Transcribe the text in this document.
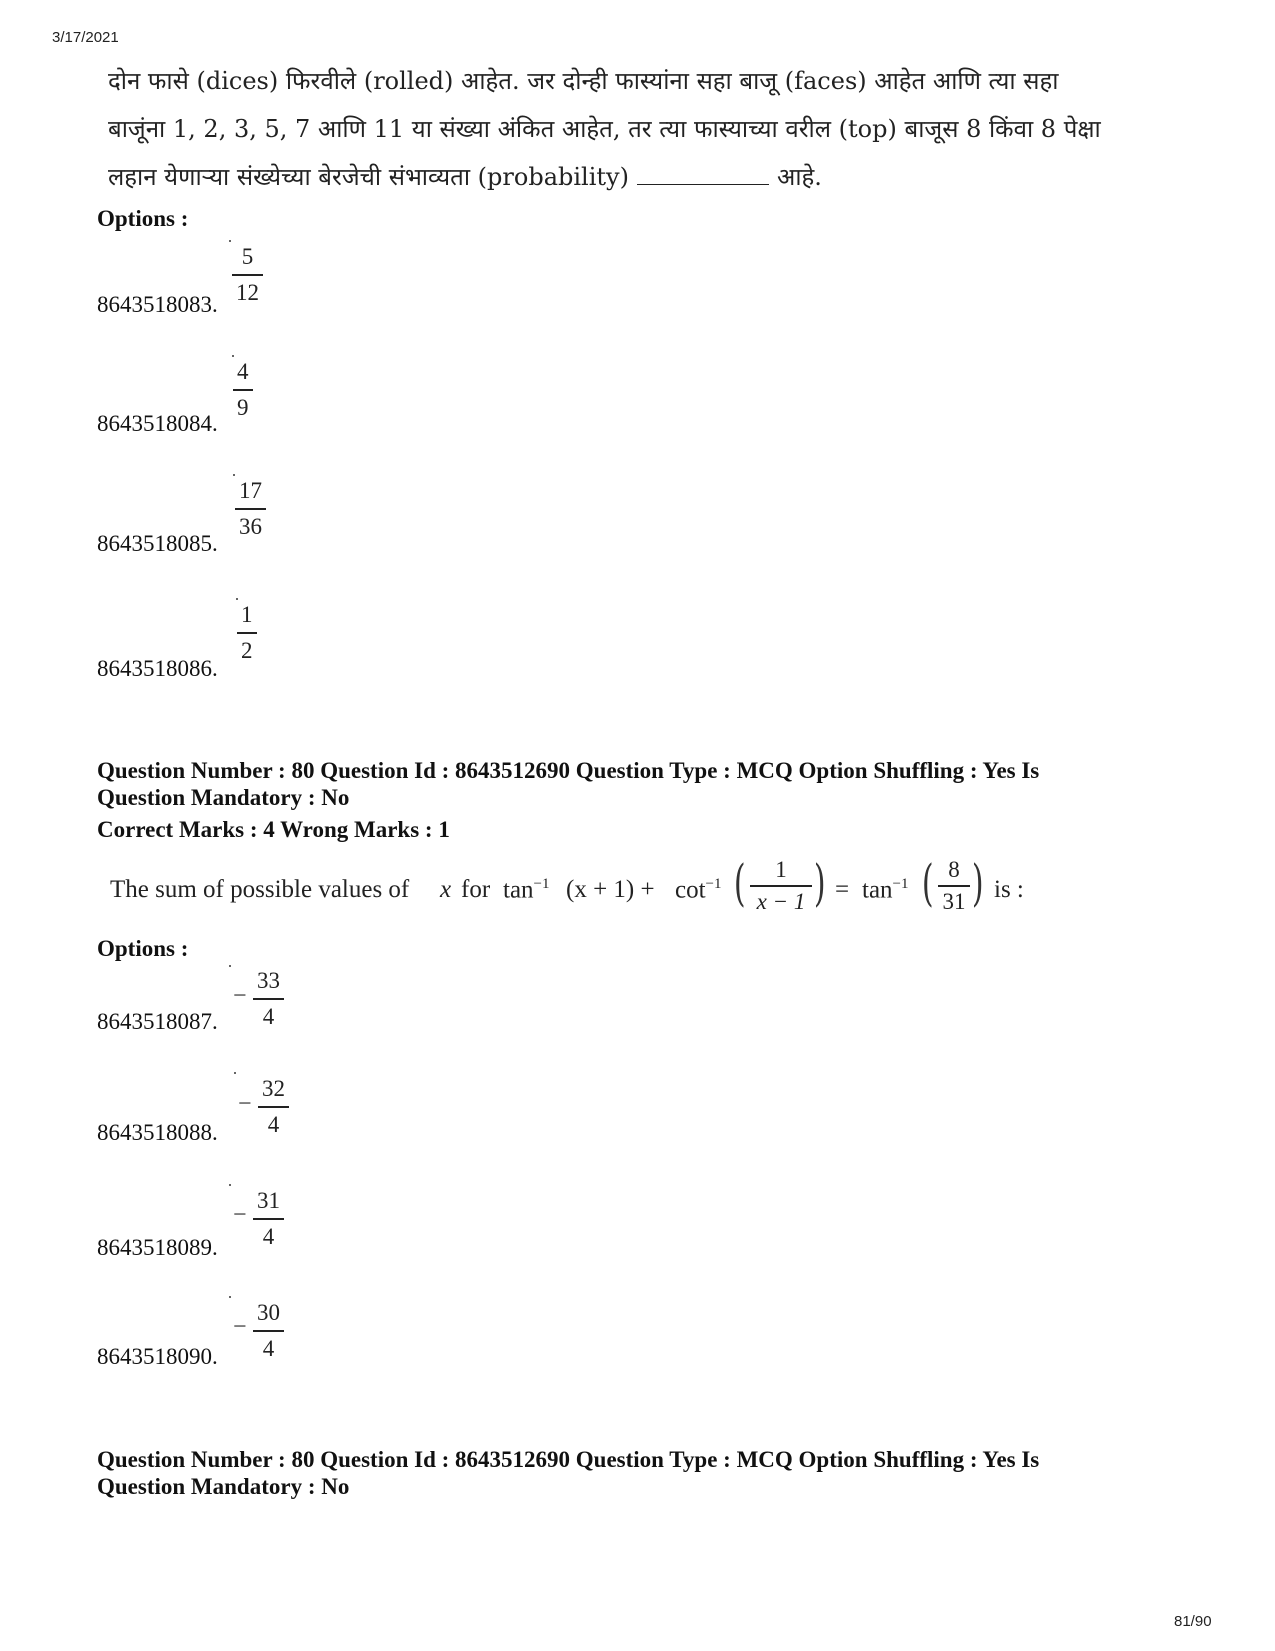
3/17/2021
दोन फासे (dices) फिरवीले (rolled) आहेत. जर दोन्ही फास्यांना सहा बाजू (faces) आहेत आणि त्या सहा
बाजूंना 1, 2, 3, 5, 7 आणि 11 या संख्या अंकित आहेत, तर त्या फास्याच्या वरील (top) बाजूस 8 किंवा 8 पेक्षा
लहान येणाऱ्या संख्येच्या बेरजेची संभाव्यता (probability)	आहे.
Options :
8643518083.
5
12
8643518084.
4
9
8643518085.
17
36
8643518086.
1
2
Question Number : 80 Question Id : 8643512690 Question Type : MCQ Option Shuffling : Yes Is
Question Mandatory : No
Correct Marks : 4 Wrong Marks : 1
The sum of possible values of x for $\tan^{-1} (x + 1) + \cot^{-1}$ ( 1
x − 1 ) = $\tan^{-1}$ ( 8
31 ) is :
Options :
8643518087.
−
33
4
8643518088.
−
32
4
8643518089.
−
31
4
8643518090.
−
30
4
Question Number : 80 Question Id : 8643512690 Question Type : MCQ Option Shuffling : Yes Is
Question Mandatory : No
81/90
